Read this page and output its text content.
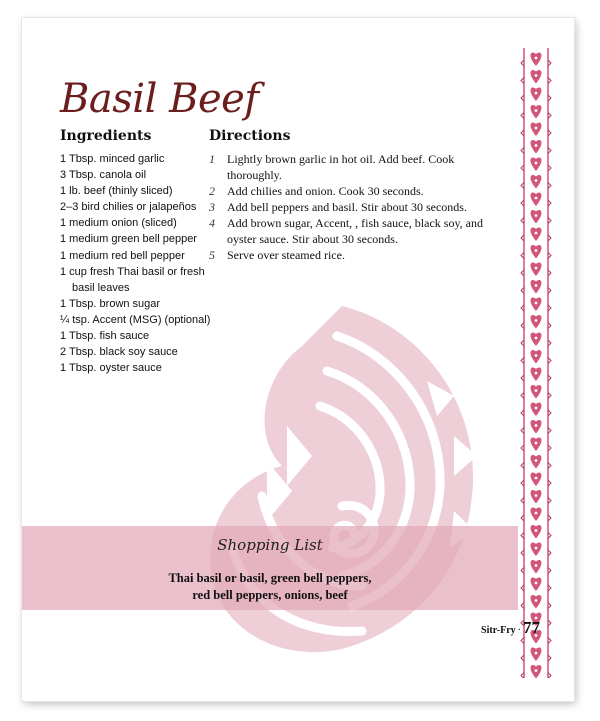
Basil Beef
Ingredients
1 Tbsp. minced garlic
3 Tbsp. canola oil
1 lb. beef (thinly sliced)
2–3 bird chilies or jalapeños
1 medium onion (sliced)
1 medium green bell pepper
1 medium red bell pepper
1 cup fresh Thai basil or fresh basil leaves
1 Tbsp. brown sugar
¼ tsp. Accent (MSG) (optional)
1 Tbsp. fish sauce
2 Tbsp. black soy sauce
1 Tbsp. oyster sauce
Directions
1 Lightly brown garlic in hot oil. Add beef. Cook thoroughly.
2 Add chilies and onion. Cook 30 seconds.
3 Add bell peppers and basil. Stir about 30 seconds.
4 Add brown sugar, Accent, , fish sauce, black soy, and oyster sauce. Stir about 30 seconds.
5 Serve over steamed rice.
Shopping List
Thai basil or basil, green bell peppers,
red bell peppers, onions, beef
Sitr-Fry · 77
